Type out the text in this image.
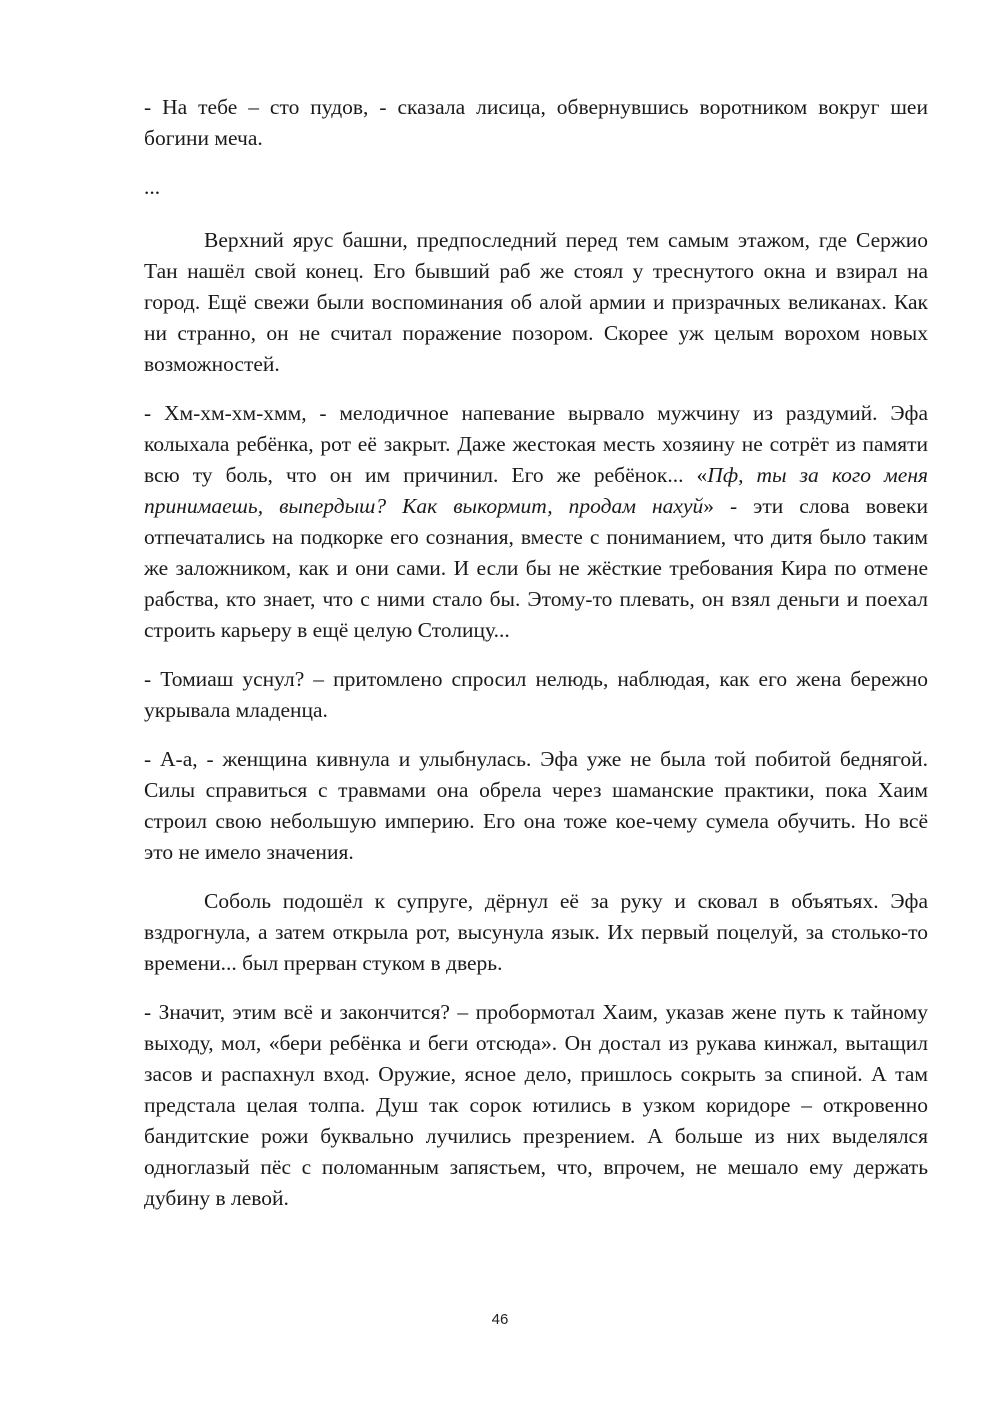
- На тебе – сто пудов, - сказала лисица, обвернувшись воротником вокруг шеи богини меча.

...

Верхний ярус башни, предпоследний перед тем самым этажом, где Сержио Тан нашёл свой конец. Его бывший раб же стоял у треснутого окна и взирал на город. Ещё свежи были воспоминания об алой армии и призрачных великанах. Как ни странно, он не считал поражение позором. Скорее уж целым ворохом новых возможностей.

- Хм-хм-хм-хмм, - мелодичное напевание вырвало мужчину из раздумий. Эфа колыхала ребёнка, рот её закрыт. Даже жестокая месть хозяину не сотрёт из памяти всю ту боль, что он им причинил. Его же ребёнок... «Пф, ты за кого меня принимаешь, выпердыш? Как выкормит, продам нахуй» - эти слова вовеки отпечатались на подкорке его сознания, вместе с пониманием, что дитя было таким же заложником, как и они сами. И если бы не жёсткие требования Кира по отмене рабства, кто знает, что с ними стало бы. Этому-то плевать, он взял деньги и поехал строить карьеру в ещё целую Столицу...

- Томиаш уснул? – притомлено спросил нелюдь, наблюдая, как его жена бережно укрывала младенца.

- А-а, - женщина кивнула и улыбнулась. Эфа уже не была той побитой беднягой. Силы справиться с травмами она обрела через шаманские практики, пока Хаим строил свою небольшую империю. Его она тоже кое-чему сумела обучить. Но всё это не имело значения.

Соболь подошёл к супруге, дёрнул её за руку и сковал в объятьях. Эфа вздрогнула, а затем открыла рот, высунула язык. Их первый поцелуй, за столько-то времени... был прерван стуком в дверь.

- Значит, этим всё и закончится? – пробормотал Хаим, указав жене путь к тайному выходу, мол, «бери ребёнка и беги отсюда». Он достал из рукава кинжал, вытащил засов и распахнул вход. Оружие, ясное дело, пришлось сокрыть за спиной. А там предстала целая толпа. Душ так сорок ютились в узком коридоре – откровенно бандитские рожи буквально лучились презрением. А больше из них выделялся одноглазый пёс с поломанным запястьем, что, впрочем, не мешало ему держать дубину в левой.

46
